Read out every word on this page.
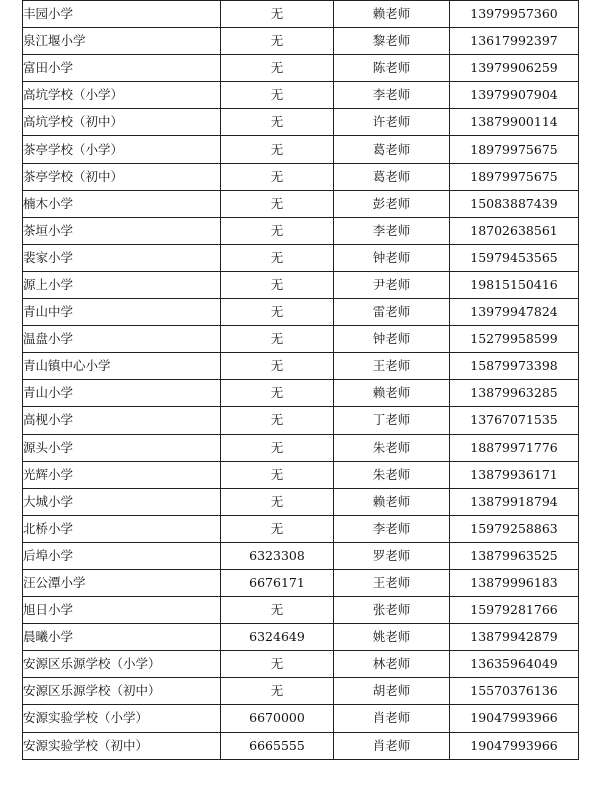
丰园小学	无	赖老师	13979957360
泉江堰小学	无	黎老师	13617992397
富田小学	无	陈老师	13979906259
高坑学校（小学）	无	李老师	13979907904
高坑学校（初中）	无	许老师	13879900114
茶亭学校（小学）	无	葛老师	18979975675
茶亭学校（初中）	无	葛老师	18979975675
楠木小学	无	彭老师	15083887439
茶垣小学	无	李老师	18702638561
裴家小学	无	钟老师	15979453565
源上小学	无	尹老师	19815150416
青山中学	无	雷老师	13979947824
温盘小学	无	钟老师	15279958599
青山镇中心小学	无	王老师	15879973398
青山小学	无	赖老师	13879963285
高枧小学	无	丁老师	13767071535
源头小学	无	朱老师	18879971776
光辉小学	无	朱老师	13879936171
大城小学	无	赖老师	13879918794
北桥小学	无	李老师	15979258863
后埠小学	6323308	罗老师	13879963525
汪公潭小学	6676171	王老师	13879996183
旭日小学	无	张老师	15979281766
晨曦小学	6324649	姚老师	13879942879
安源区乐源学校（小学）	无	林老师	13635964049
安源区乐源学校（初中）	无	胡老师	15570376136
安源实验学校（小学）	6670000	肖老师	19047993966
安源实验学校（初中）	6665555	肖老师	19047993966
